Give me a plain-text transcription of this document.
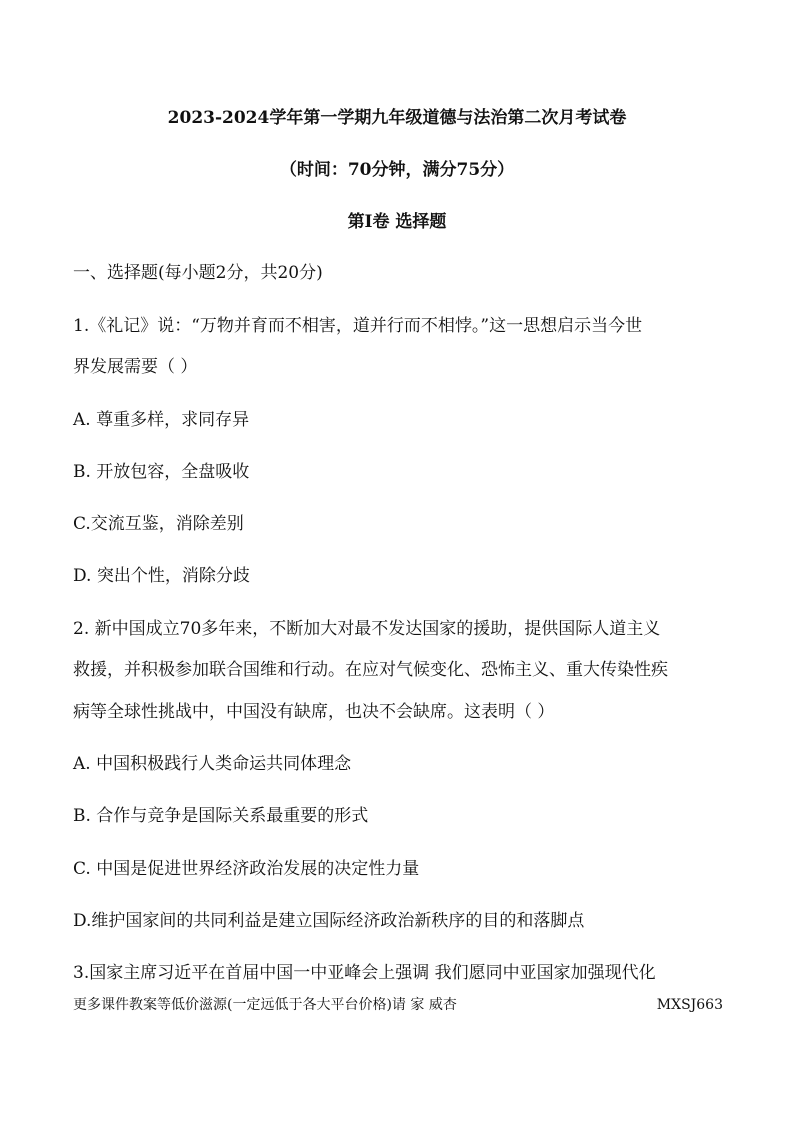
2023-2024学年第一学期九年级道德与法治第二次月考试卷
（时间：70分钟，满分75分）
第Ⅰ卷 选择题
一、选择题(每小题2分，共20分)
1.《礼记》说：“万物并育而不相害，道并行而不相悖。”这一思想启示当今世
界发展需要（ ）
A. 尊重多样，求同存异
B. 开放包容，全盘吸收
C.交流互鉴，消除差别
D. 突出个性，消除分歧
2. 新中国成立70多年来，不断加大对最不发达国家的援助，提供国际人道主义
救援，并积极参加联合国维和行动。在应对气候变化、恐怖主义、重大传染性疾
病等全球性挑战中，中国没有缺席，也决不会缺席。这表明（ ）
A. 中国积极践行人类命运共同体理念
B. 合作与竞争是国际关系最重要的形式
C. 中国是促进世界经济政治发展的决定性力量
D.维护国家间的共同利益是建立国际经济政治新秩序的目的和落脚点
3.国家主席习近平在首届中国一中亚峰会上强调 我们愿同中亚国家加强现代化
更多课件教案等低价滋源(一定远低于各大平台价格)请 家 威杏	MXSJ663
